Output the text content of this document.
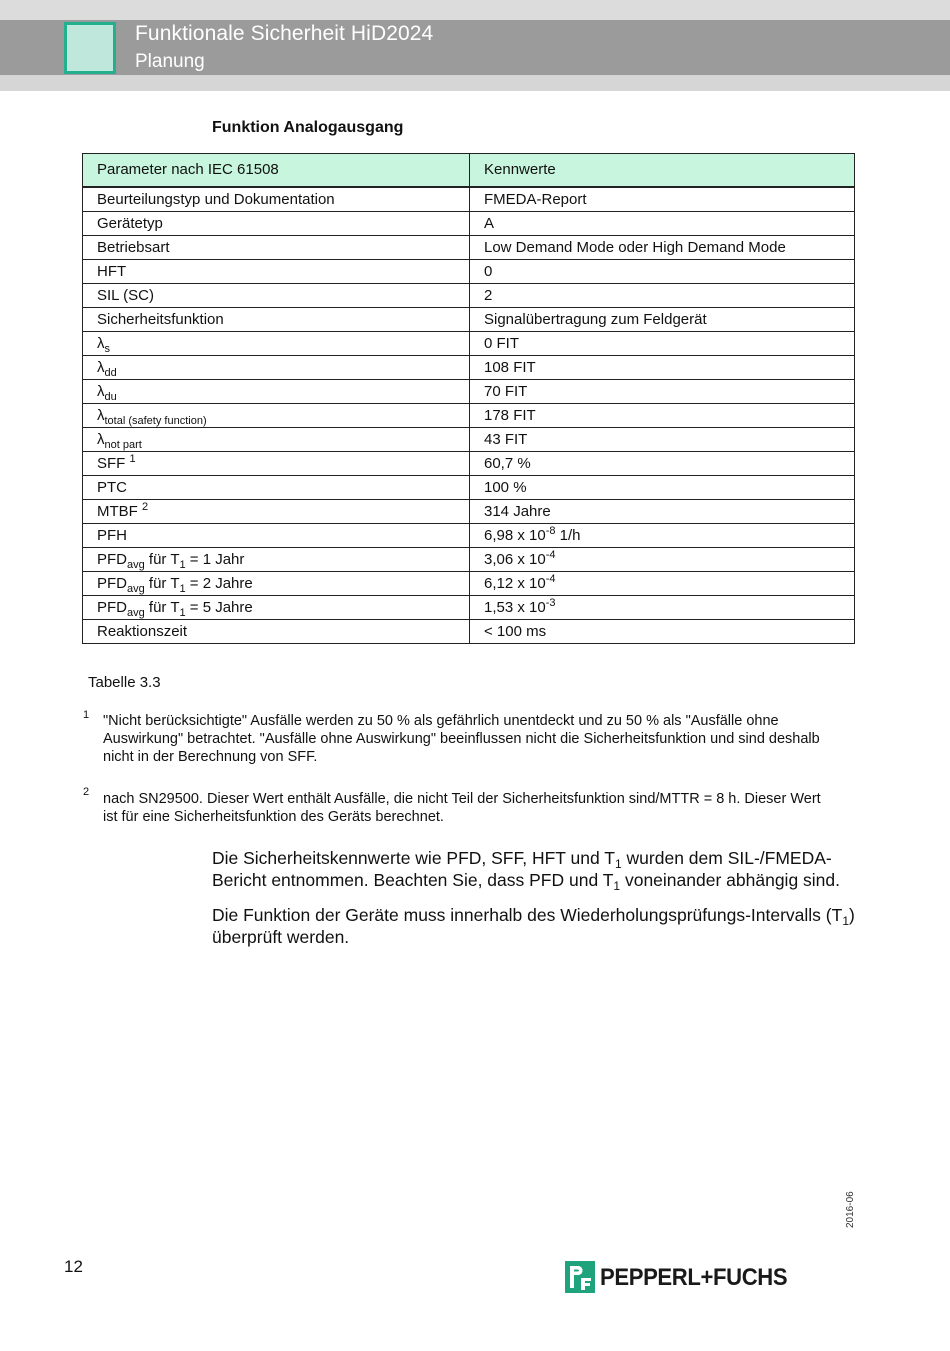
Funktionale Sicherheit HiD2024
Planung
Funktion Analogausgang
Parameter nach IEC 61508	Kennwerte
Beurteilungstyp und Dokumentation	FMEDA-Report
Gerätetyp	A
Betriebsart	Low Demand Mode oder High Demand Mode
HFT	0
SIL (SC)	2
Sicherheitsfunktion	Signalübertragung zum Feldgerät
$\lambda_s$	0 FIT
$\lambda_{dd}$	108 FIT
$\lambda_{du}$	70 FIT
$\lambda_{total (safety function)}$	178 FIT
$\lambda_{not part}$	43 FIT
SFF $^1$	60,7 %
PTC	100 %
MTBF $^2$	314 Jahre
PFH	6,98 x $10^{-8}$ 1/h
$PFD_{avg}$ für $T_1 = 1$ Jahr	3,06 x $10^{-4}$
$PFD_{avg}$ für $T_1 = 2$ Jahre	6,12 x $10^{-4}$
$PFD_{avg}$ für $T_1 = 5$ Jahre	1,53 x $10^{-3}$
Reaktionszeit	< 100 ms
Tabelle 3.3
1 "Nicht berücksichtigte" Ausfälle werden zu 50 % als gefährlich unentdeckt und zu 50 % als "Ausfälle ohne Auswirkung" betrachtet. "Ausfälle ohne Auswirkung" beeinflussen nicht die Sicherheitsfunktion und sind deshalb nicht in der Berechnung von SFF.
2 nach SN29500. Dieser Wert enthält Ausfälle, die nicht Teil der Sicherheitsfunktion sind/MTTR = 8 h. Dieser Wert ist für eine Sicherheitsfunktion des Geräts berechnet.
Die Sicherheitskennwerte wie PFD, SFF, HFT und $T_1$ wurden dem SIL-/FMEDA-Bericht entnommen. Beachten Sie, dass PFD und $T_1$ voneinander abhängig sind.
Die Funktion der Geräte muss innerhalb des Wiederholungsprüfungs-Intervalls $(T_1)$ überprüft werden.
2016-06
12	PEPPERL+FUCHS
